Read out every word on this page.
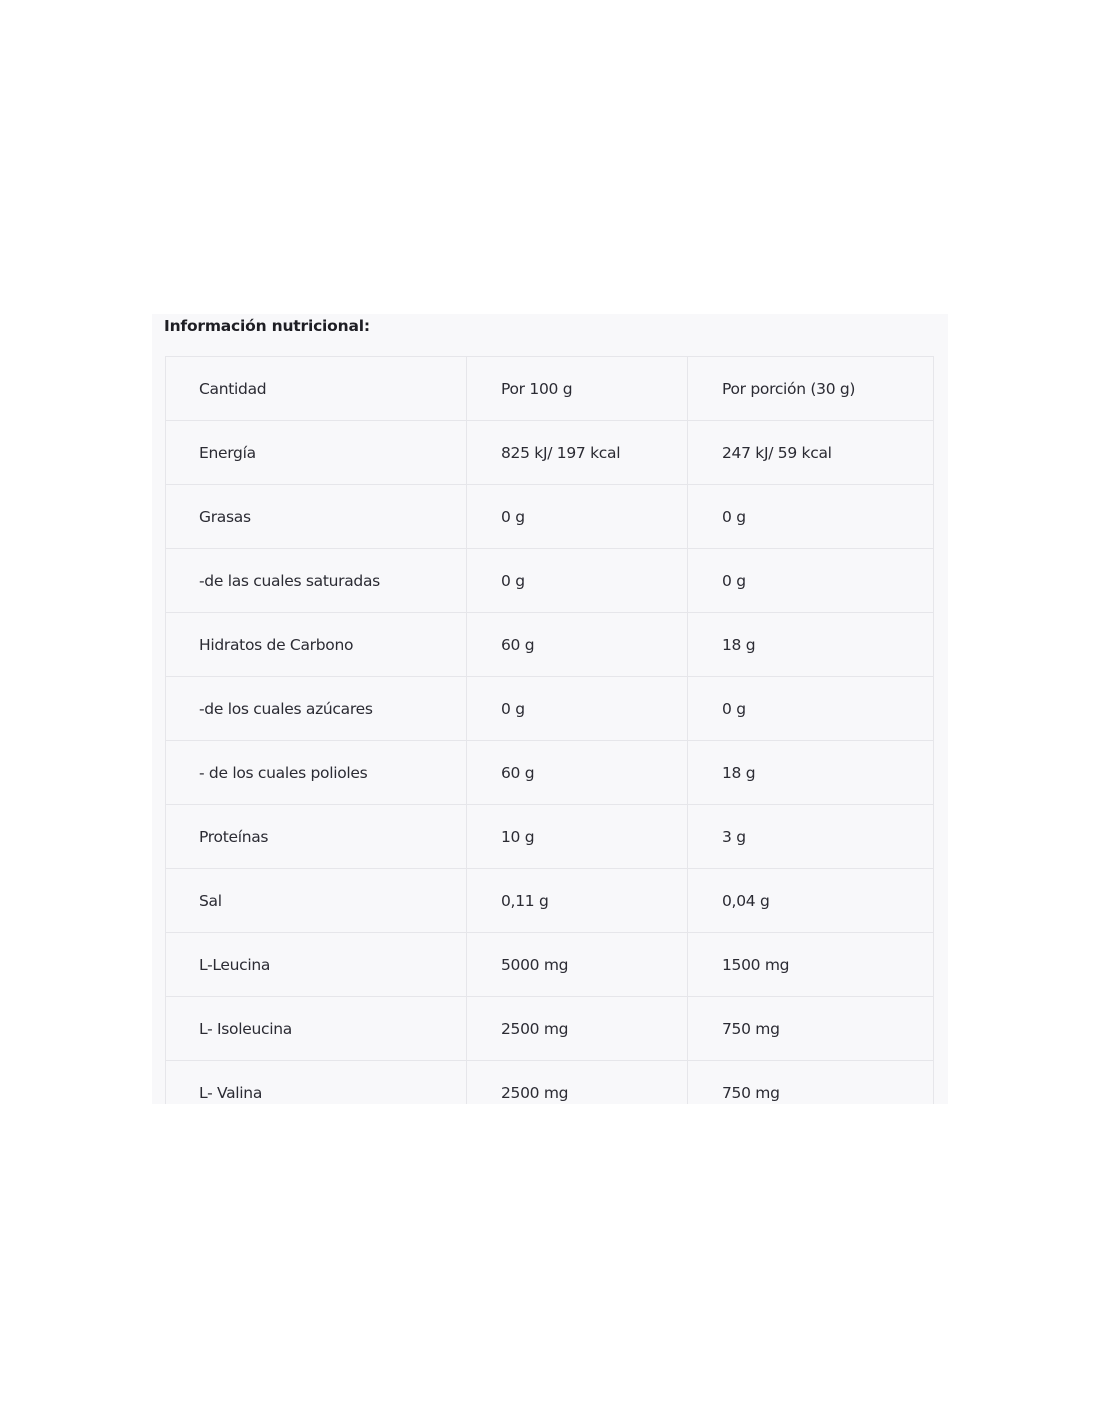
Información nutricional:
Cantidad	Por 100 g	Por porción (30 g)
Energía	825 kJ/ 197 kcal	247 kJ/ 59 kcal
Grasas	0 g	0 g
-de las cuales saturadas	0 g	0 g
Hidratos de Carbono	60 g	18 g
-de los cuales azúcares	0 g	0 g
- de los cuales polioles	60 g	18 g
Proteínas	10 g	3 g
Sal	0,11 g	0,04 g
L-Leucina	5000 mg	1500 mg
L- Isoleucina	2500 mg	750 mg
L- Valina	2500 mg	750 mg
